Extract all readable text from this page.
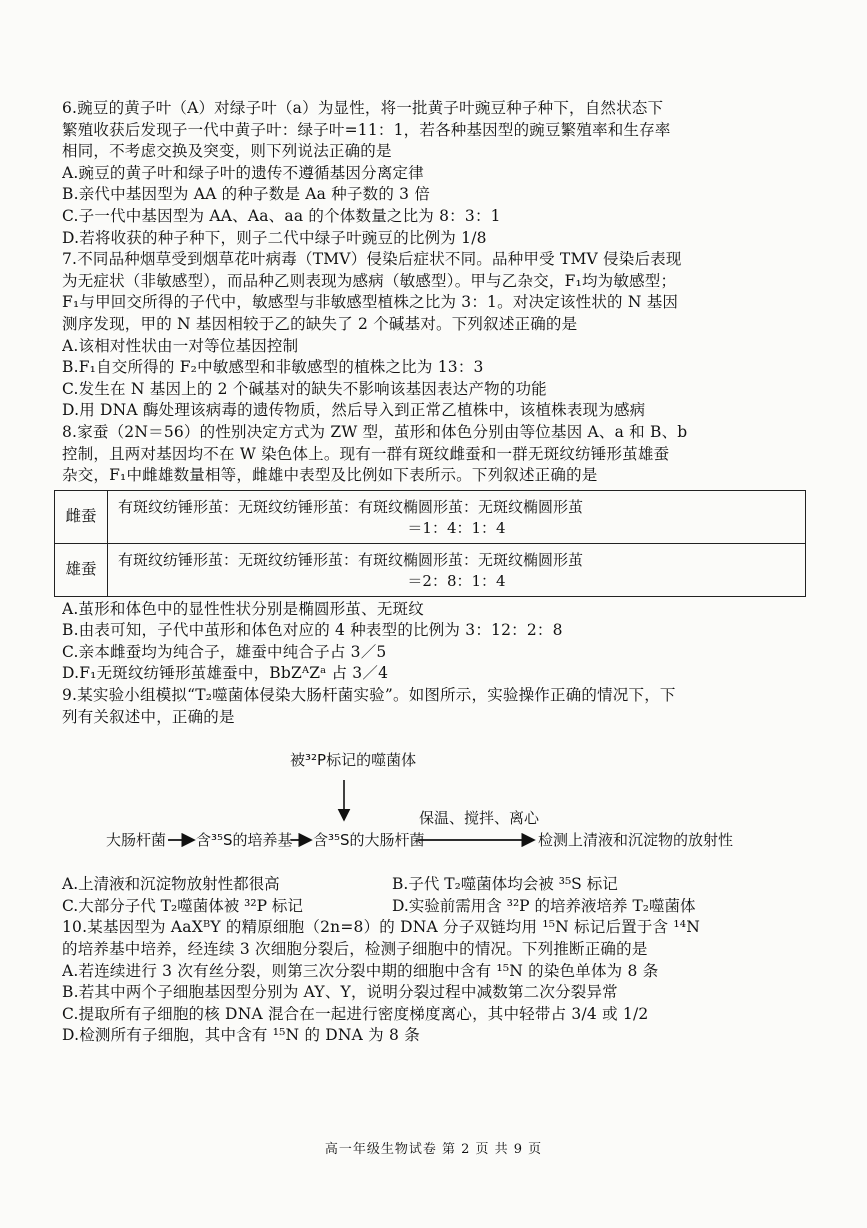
6.豌豆的黄子叶（A）对绿子叶（a）为显性，将一批黄子叶豌豆种子种下，自然状态下
繁殖收获后发现子一代中黄子叶：绿子叶=11：1，若各种基因型的豌豆繁殖率和生存率
相同，不考虑交换及突变，则下列说法正确的是
A.豌豆的黄子叶和绿子叶的遗传不遵循基因分离定律
B.亲代中基因型为 AA 的种子数是 Aa 种子数的 3 倍
C.子一代中基因型为 AA、Aa、aa 的个体数量之比为 8：3：1
D.若将收获的种子种下，则子二代中绿子叶豌豆的比例为 1/8
7.不同品种烟草受到烟草花叶病毒（TMV）侵染后症状不同。品种甲受 TMV 侵染后表现
为无症状（非敏感型），而品种乙则表现为感病（敏感型）。甲与乙杂交，F₁均为敏感型；
F₁与甲回交所得的子代中，敏感型与非敏感型植株之比为 3：1。对决定该性状的 N 基因
测序发现，甲的 N 基因相较于乙的缺失了 2 个碱基对。下列叙述正确的是
A.该相对性状由一对等位基因控制
B.F₁自交所得的 F₂中敏感型和非敏感型的植株之比为 13：3
C.发生在 N 基因上的 2 个碱基对的缺失不影响该基因表达产物的功能
D.用 DNA 酶处理该病毒的遗传物质，然后导入到正常乙植株中，该植株表现为感病
8.家蚕（2N＝56）的性别决定方式为 ZW 型，茧形和体色分别由等位基因 A、a 和 B、b
控制，且两对基因均不在 W 染色体上。现有一群有斑纹雌蚕和一群无斑纹纺锤形茧雄蚕
杂交，F₁中雌雄数量相等，雌雄中表型及比例如下表所示。下列叙述正确的是
雌蚕
有斑纹纺锤形茧：无斑纹纺锤形茧：有斑纹椭圆形茧：无斑纹椭圆形茧
＝1：4：1：4
雄蚕
有斑纹纺锤形茧：无斑纹纺锤形茧：有斑纹椭圆形茧：无斑纹椭圆形茧
＝2：8：1：4
A.茧形和体色中的显性性状分别是椭圆形茧、无斑纹
B.由表可知，子代中茧形和体色对应的 4 种表型的比例为 3：12：2：8
C.亲本雌蚕均为纯合子，雄蚕中纯合子占 3／5
D.F₁无斑纹纺锤形茧雄蚕中，BbZᴬZᵃ 占 3／4
9.某实验小组模拟“T₂噬菌体侵染大肠杆菌实验”。如图所示，实验操作正确的情况下，下
列有关叙述中，正确的是
被³²P标记的噬菌体
大肠杆菌 含³⁵S的培养基 含³⁵S的大肠杆菌
保温、搅拌、离心
检测上清液和沉淀物的放射性
A.上清液和沉淀物放射性都很高	B.子代 T₂噬菌体均会被 ³⁵S 标记
C.大部分子代 T₂噬菌体被 ³²P 标记	D.实验前需用含 ³²P 的培养液培养 T₂噬菌体
10.某基因型为 AaXᴮY 的精原细胞（2n=8）的 DNA 分子双链均用 ¹⁵N 标记后置于含 ¹⁴N
的培养基中培养，经连续 3 次细胞分裂后，检测子细胞中的情况。下列推断正确的是
A.若连续进行 3 次有丝分裂，则第三次分裂中期的细胞中含有 ¹⁵N 的染色单体为 8 条
B.若其中两个子细胞基因型分别为 AY、Y，说明分裂过程中减数第二次分裂异常
C.提取所有子细胞的核 DNA 混合在一起进行密度梯度离心，其中轻带占 3/4 或 1/2
D.检测所有子细胞，其中含有 ¹⁵N 的 DNA 为 8 条
高一年级生物试卷 第 2 页 共 9 页
